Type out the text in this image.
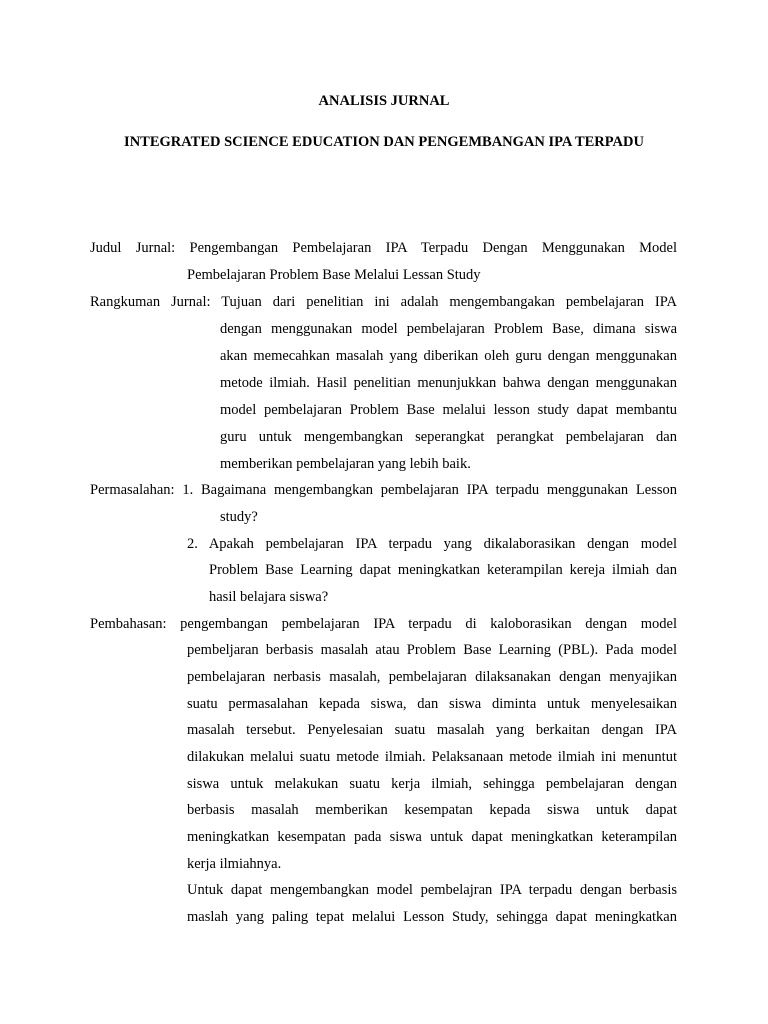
ANALISIS JURNAL
INTEGRATED SCIENCE EDUCATION DAN PENGEMBANGAN IPA TERPADU
Judul Jurnal: Pengembangan Pembelajaran IPA Terpadu Dengan Menggunakan Model
Pembelajaran Problem Base Melalui Lessan Study
Rangkuman Jurnal: Tujuan dari penelitian ini adalah mengembangakan pembelajaran IPA
dengan menggunakan model pembelajaran Problem Base, dimana siswa
akan memecahkan masalah yang diberikan oleh guru dengan menggunakan
metode ilmiah. Hasil penelitian menunjukkan bahwa dengan menggunakan
model pembelajaran Problem Base melalui lesson study dapat membantu
guru untuk mengembangkan seperangkat perangkat pembelajaran dan
memberikan pembelajaran yang lebih baik.
Permasalahan: 1. Bagaimana mengembangkan pembelajaran IPA terpadu menggunakan Lesson
study?
2. Apakah pembelajaran IPA terpadu yang dikalaborasikan dengan model
Problem Base Learning dapat meningkatkan keterampilan kereja ilmiah dan
hasil belajara siswa?
Pembahasan: pengembangan pembelajaran IPA terpadu di kaloborasikan dengan model
pembeljaran berbasis masalah atau Problem Base Learning (PBL). Pada model
pembelajaran nerbasis masalah, pembelajaran dilaksanakan dengan menyajikan
suatu permasalahan kepada siswa, dan siswa diminta untuk menyelesaikan
masalah tersebut. Penyelesaian suatu masalah yang berkaitan dengan IPA
dilakukan melalui suatu metode ilmiah. Pelaksanaan metode ilmiah ini menuntut
siswa untuk melakukan suatu kerja ilmiah, sehingga pembelajaran dengan
berbasis masalah memberikan kesempatan kepada siswa untuk dapat
meningkatkan kesempatan pada siswa untuk dapat meningkatkan keterampilan
kerja ilmiahnya.
Untuk dapat mengembangkan model pembelajran IPA terpadu dengan berbasis
maslah yang paling tepat melalui Lesson Study, sehingga dapat meningkatkan
